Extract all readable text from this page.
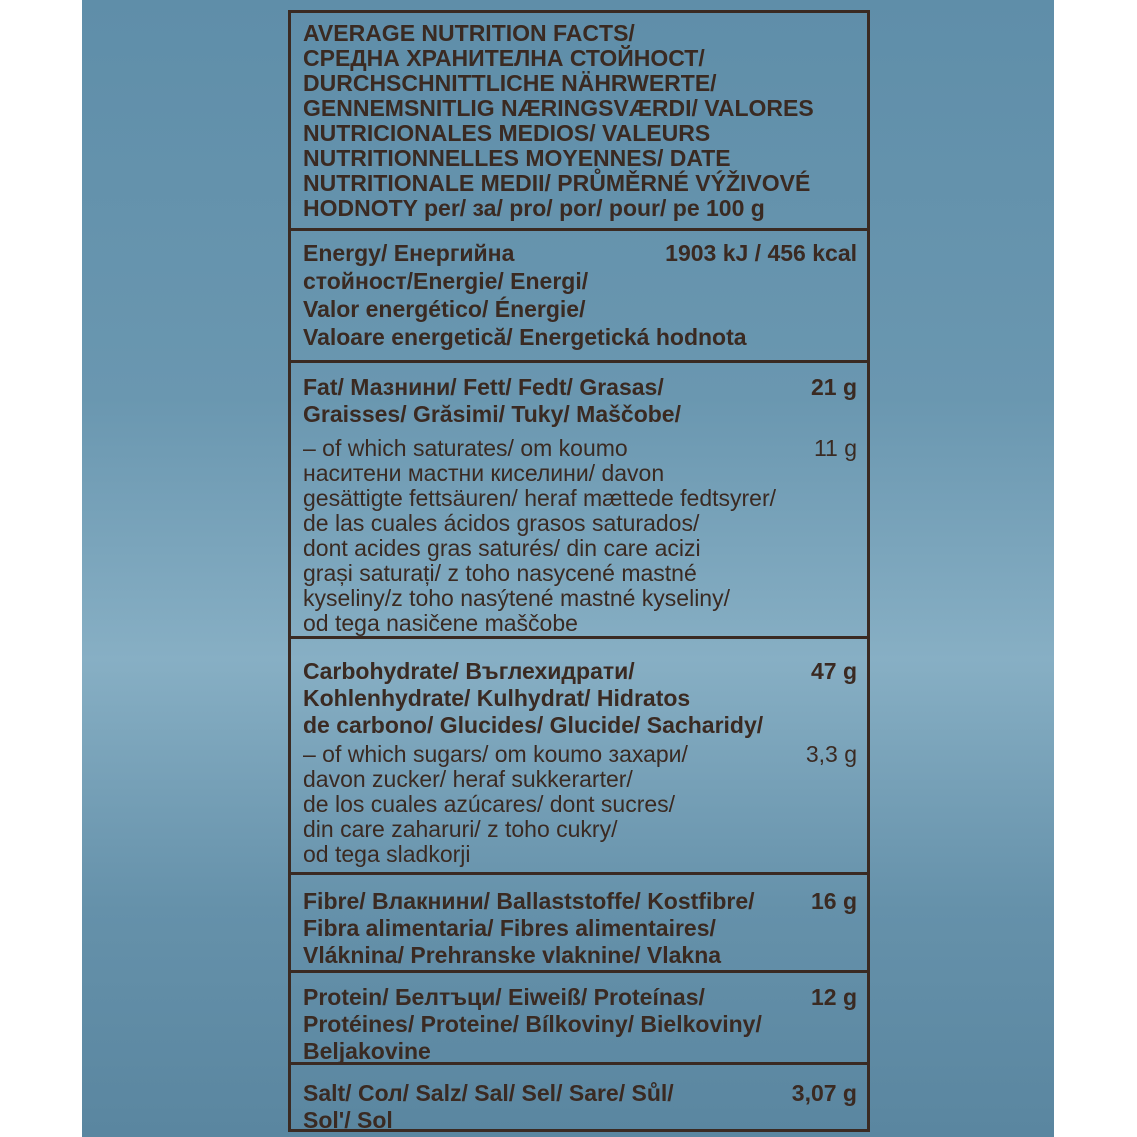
AVERAGE NUTRITION FACTS/

СРЕДНА ХРАНИТЕЛНА СТОЙНОСТ/

DURCHSCHNITTLICHE NÄHRWERTE/

GENNEMSNITLIG NÆRINGSVÆRDI/ VALORES

NUTRICIONALES MEDIOS/ VALEURS

NUTRITIONNELLES MOYENNES/ DATE

NUTRITIONALE MEDII/ PRŮMĚRNÉ VÝŽIVOVÉ

HODNOTY per/ за/ pro/ por/ pour/ pe 100 g

Energy/ Енергийна	1903 kJ / 456 kcal

стойност/Energie/ Energi/

Valor energético/ Énergie/

Valoare energetică/ Energetická hodnota

Fat/ Мазнини/ Fett/ Fedt/ Grasas/	21 g

Graisses/ Grăsimi/ Tuky/ Maščobe/

– of which saturates/ om koumo	11 g

наситени мастни киселини/ davon

gesättigte fettsäuren/ heraf mættede fedtsyrer/

de las cuales ácidos grasos saturados/

dont acides gras saturés/ din care acizi

grași saturați/ z toho nasycené mastné

kyseliny/z toho nasýtené mastné kyseliny/

od tega nasičene maščobe

Carbohydrate/ Въглехидрати/	47 g

Kohlenhydrate/ Kulhydrat/ Hidratos

de carbono/ Glucides/ Glucide/ Sacharidy/

– of which sugars/ om koumo захари/	3,3 g

davon zucker/ heraf sukkerarter/

de los cuales azúcares/ dont sucres/

din care zaharuri/ z toho cukry/

od tega sladkorji

Fibre/ Влакнини/ Ballaststoffe/ Kostfibre/ 16 g

Fibra alimentaria/ Fibres alimentaires/

Vláknina/ Prehranske vlaknine/ Vlakna

Protein/ Белтъци/ Eiweiß/ Proteínas/	12 g

Protéines/ Proteine/ Bílkoviny/ Bielkoviny/

Beljakovine

Salt/ Сол/ Salz/ Sal/ Sel/ Sare/ Sůl/	3,07 g

Sol'/ Sol
